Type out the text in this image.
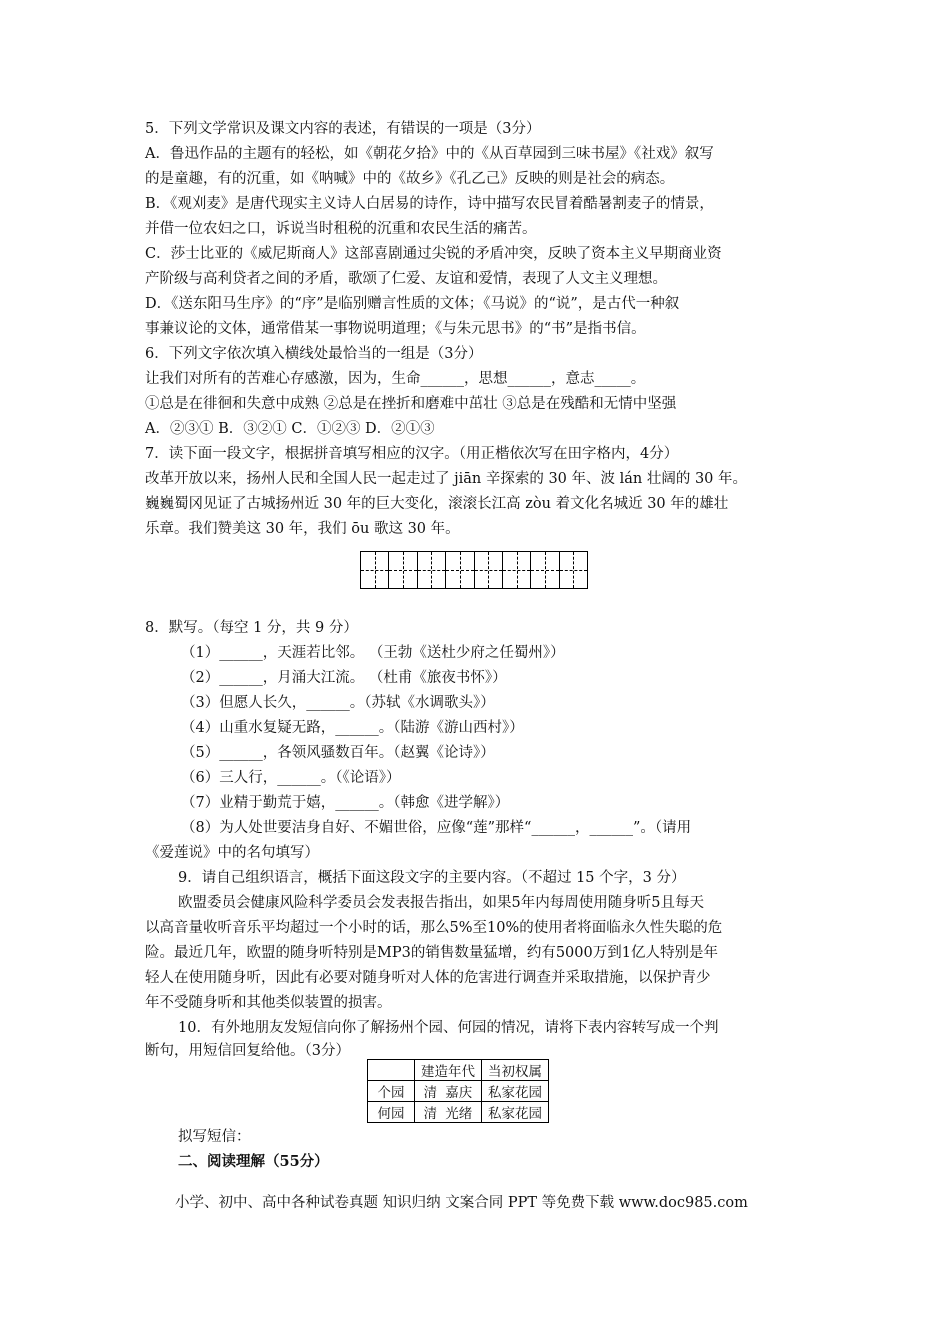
5．下列文学常识及课文内容的表述，有错误的一项是（3分）
A．鲁迅作品的主题有的轻松，如《朝花夕拾》中的《从百草园到三味书屋》《社戏》叙写
的是童趣，有的沉重，如《呐喊》中的《故乡》《孔乙己》反映的则是社会的病态。
B．《观刈麦》是唐代现实主义诗人白居易的诗作，诗中描写农民冒着酷暑割麦子的情景，
并借一位农妇之口，诉说当时租税的沉重和农民生活的痛苦。
C．莎士比亚的《威尼斯商人》这部喜剧通过尖锐的矛盾冲突，反映了资本主义早期商业资
产阶级与高利贷者之间的矛盾，歌颂了仁爱、友谊和爱情，表现了人文主义理想。
D．《送东阳马生序》的“序”是临别赠言性质的文体；《马说》的“说”，是古代一种叙
事兼议论的文体，通常借某一事物说明道理；《与朱元思书》的“书”是指书信。
6．下列文字依次填入横线处最恰当的一组是（3分）
让我们对所有的苦难心存感激，因为，生命______，思想______，意志_____。
①总是在徘徊和失意中成熟 ②总是在挫折和磨难中茁壮 ③总是在残酷和无情中坚强
A．②③① B．③②① C．①②③ D．②①③
7．读下面一段文字，根据拼音填写相应的汉字。（用正楷依次写在田字格内，4分）
改革开放以来，扬州人民和全国人民一起走过了 jiān 辛探索的 30 年、波 lán 壮阔的 30 年。
巍巍蜀冈见证了古城扬州近 30 年的巨大变化，滚滚长江高 zòu 着文化名城近 30 年的雄壮
乐章。我们赞美这 30 年，我们 ōu 歌这 30 年。
8．默写。（每空 1 分，共 9 分）
（1）______，天涯若比邻。 （王勃《送杜少府之任蜀州》）
（2）______，月涌大江流。 （杜甫《旅夜书怀》）
（3）但愿人长久，______。（苏轼《水调歌头》）
（4）山重水复疑无路，______。（陆游《游山西村》）
（5）______，各领风骚数百年。（赵翼《论诗》）
（6）三人行，______。（《论语》）
（7）业精于勤荒于嬉，______。（韩愈《进学解》）
（8）为人处世要洁身自好、不媚世俗，应像“莲”那样“______，______”。（请用
《爱莲说》中的名句填写）
9．请自己组织语言，概括下面这段文字的主要内容。（不超过 15 个字，3 分）
欧盟委员会健康风险科学委员会发表报告指出，如果5年内每周使用随身听5且每天
以高音量收听音乐平均超过一个小时的话，那么5%至10%的使用者将面临永久性失聪的危
险。最近几年，欧盟的随身听特别是MP3的销售数量猛增，约有5000万到1亿人特别是年
轻人在使用随身听，因此有必要对随身听对人体的危害进行调查并采取措施，以保护青少
年不受随身听和其他类似装置的损害。
10．有外地朋友发短信向你了解扬州个园、何园的情况，请将下表内容转写成一个判
断句，用短信回复给他。（3分）
	建造年代	当初权属
个园	清 嘉庆	私家花园
何园	清 光绪	私家花园
拟写短信：
二、阅读理解（55分）
小学、初中、高中各种试卷真题 知识归纳 文案合同 PPT 等免费下载 www.doc985.com
